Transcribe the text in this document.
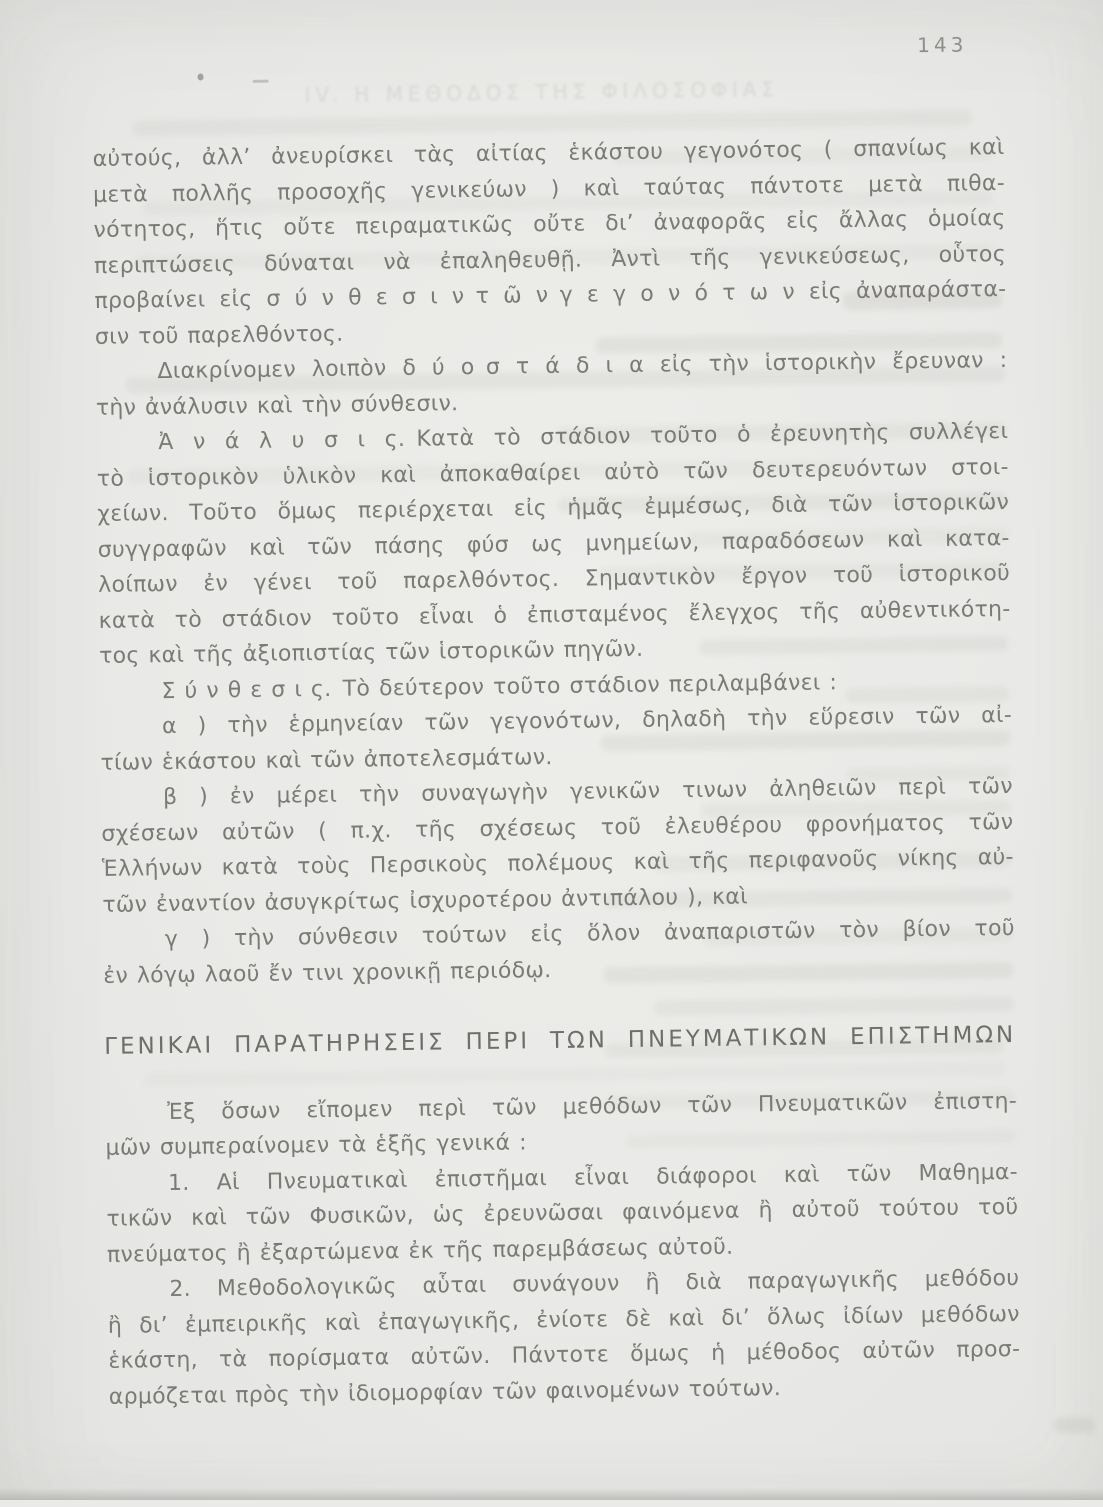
IV. Η ΜΕΘΟΔΟΣ ΤΗΣ ΦΙΛΟΣΟΦΙΑΣ
143
αὐτούς, ἀλλ’ ἀνευρίσκει τὰς αἰτίας ἑκάστου γεγονότος ( σπανίως καὶ
μετὰ πολλῆς προσοχῆς γενικεύων ) καὶ ταύτας πάντοτε μετὰ πιθα-
νότητος, ἥτις οὔτε πειραματικῶς οὔτε δι’ ἀναφορᾶς εἰς ἄλλας ὁμοίας
περιπτώσεις δύναται νὰ ἐπαληθευθῇ. Ἀντὶ τῆς γενικεύσεως, οὗτος
προβαίνει εἰς σ ύ ν θ ε σ ι ν τ ῶ ν γ ε γ ο ν ό τ ω ν εἰς ἀναπαράστα-
σιν τοῦ παρελθόντος.
Διακρίνομεν λοιπὸν δ ύ ο σ τ ά δ ι α εἰς τὴν ἱστορικὴν ἔρευναν :
τὴν ἀνάλυσιν καὶ τὴν σύνθεσιν.
Ἀ ν ά λ υ σ ι ς. Κατὰ τὸ στάδιον τοῦτο ὁ ἐρευνητὴς συλλέγει
τὸ ἱστορικὸν ὑλικὸν καὶ ἀποκαθαίρει αὐτὸ τῶν δευτερευόντων στοι-
χείων. Τοῦτο ὅμως περιέρχεται εἰς ἡμᾶς ἐμμέσως, διὰ τῶν ἱστορικῶν
συγγραφῶν καὶ τῶν πάσης φύσ ως μνημείων, παραδόσεων καὶ κατα-
λοίπων ἐν γένει τοῦ παρελθόντος. Σημαντικὸν ἔργον τοῦ ἱστορικοῦ
κατὰ τὸ στάδιον τοῦτο εἶναι ὁ ἐπισταμένος ἔλεγχος τῆς αὐθεντικότη-
τος καὶ τῆς ἀξιοπιστίας τῶν ἱστορικῶν πηγῶν.
Σ ύ ν θ ε σ ι ς. Τὸ δεύτερον τοῦτο στάδιον περιλαμβάνει :
α ) τὴν ἑρμηνείαν τῶν γεγονότων, δηλαδὴ τὴν εὕρεσιν τῶν αἰ-
τίων ἑκάστου καὶ τῶν ἀποτελεσμάτων.
β ) ἐν μέρει τὴν συναγωγὴν γενικῶν τινων ἀληθειῶν περὶ τῶν
σχέσεων αὐτῶν ( π.χ. τῆς σχέσεως τοῦ ἐλευθέρου φρονήματος τῶν
Ἑλλήνων κατὰ τοὺς Περσικοὺς πολέμους καὶ τῆς περιφανοῦς νίκης αὐ-
τῶν ἐναντίον ἀσυγκρίτως ἰσχυροτέρου ἀντιπάλου ), καὶ
γ ) τὴν σύνθεσιν τούτων εἰς ὅλον ἀναπαριστῶν τὸν βίον τοῦ
ἐν λόγῳ λαοῦ ἔν τινι χρονικῇ περιόδῳ.
ΓΕΝΙΚΑΙ ΠΑΡΑΤΗΡΗΣΕΙΣ ΠΕΡΙ ΤΩΝ ΠΝΕΥΜΑΤΙΚΩΝ ΕΠΙΣΤΗΜΩΝ
Ἐξ ὅσων εἴπομεν περὶ τῶν μεθόδων τῶν Πνευματικῶν ἐπιστη-
μῶν συμπεραίνομεν τὰ ἑξῆς γενικά :
1. Αἱ Πνευματικαὶ ἐπιστῆμαι εἶναι διάφοροι καὶ τῶν Μαθημα-
τικῶν καὶ τῶν Φυσικῶν, ὡς ἐρευνῶσαι φαινόμενα ἢ αὐτοῦ τούτου τοῦ
πνεύματος ἢ ἐξαρτώμενα ἐκ τῆς παρεμβάσεως αὐτοῦ.
2. Μεθοδολογικῶς αὗται συνάγουν ἢ διὰ παραγωγικῆς μεθόδου
ἢ δι’ ἐμπειρικῆς καὶ ἐπαγωγικῆς, ἐνίοτε δὲ καὶ δι’ ὅλως ἰδίων μεθόδων
ἑκάστη, τὰ πορίσματα αὐτῶν. Πάντοτε ὅμως ἡ μέθοδος αὐτῶν προσ-
αρμόζεται πρὸς τὴν ἰδιομορφίαν τῶν φαινομένων τούτων.
